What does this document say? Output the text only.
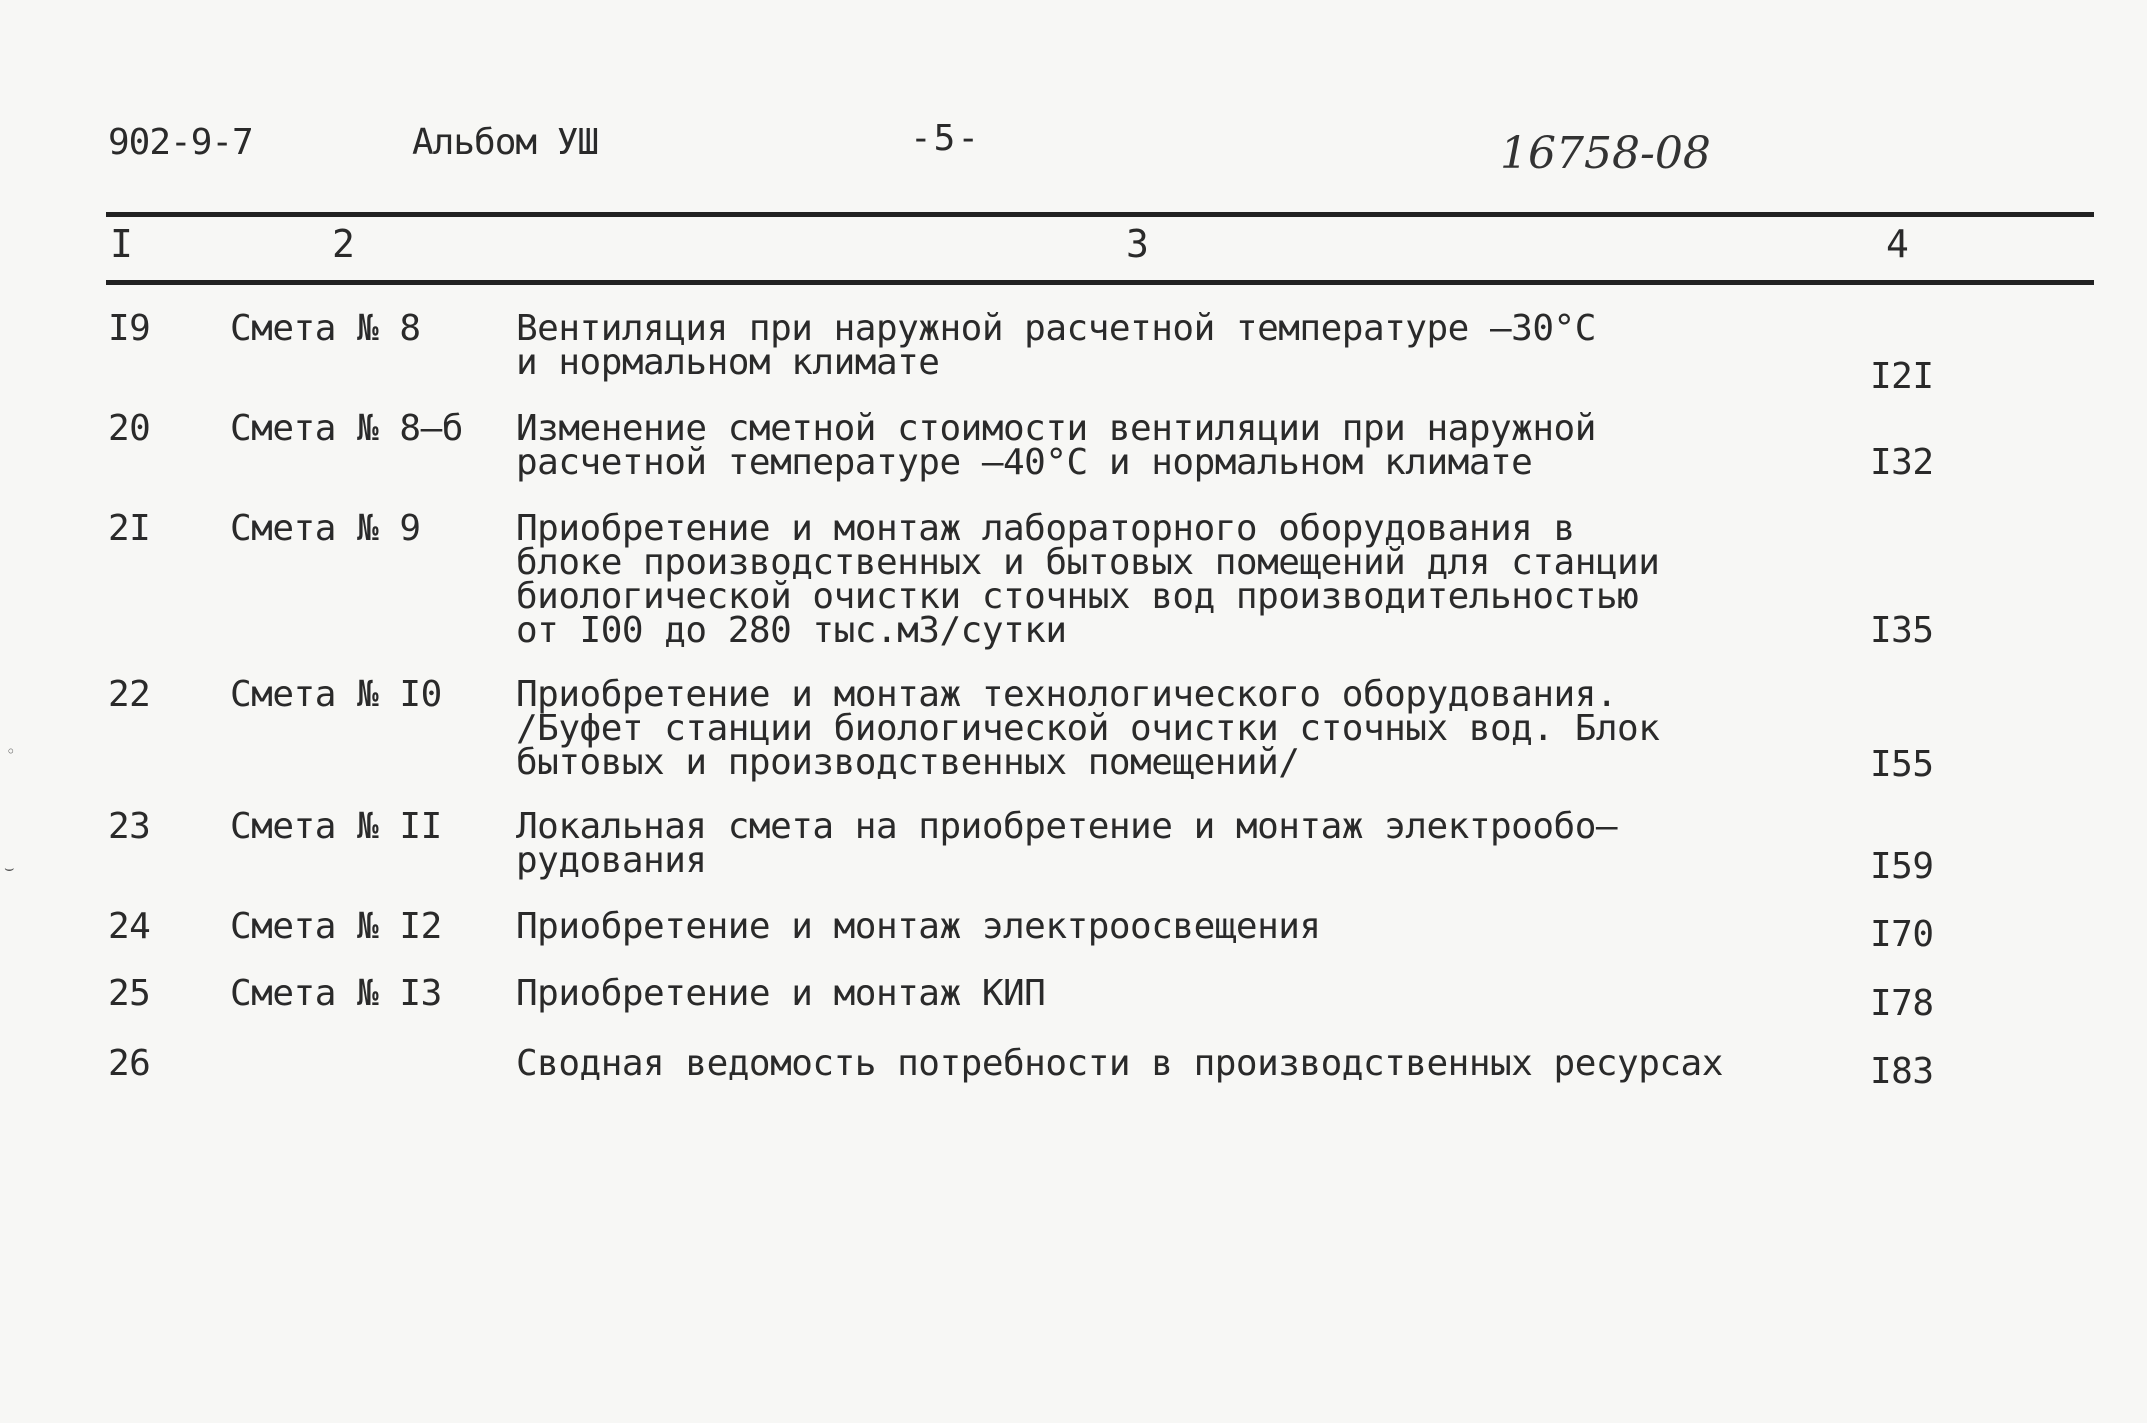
902-9-7	Альбом УШ	-5-	16758-08
I	2	3	4
I9 Смета № 8	Вентиляция при наружной расчетной температуре –30°С
и нормальном климате	I2I
20 Смета № 8–б Изменение сметной стоимости вентиляции при наружной
расчетной температуре –40°С и нормальном климате	I32
2I Смета № 9	Приобретение и монтаж лабораторного оборудования в
блоке производственных и бытовых помещений для станции
биологической очистки сточных вод производительностью
от I00 до 280 тыс.м3/сутки	I35
22 Смета № I0 Приобретение и монтаж технологического оборудования.
/Буфет станции биологической очистки сточных вод. Блок
бытовых и производственных помещений/	I55
23 Смета № II Локальная смета на приобретение и монтаж электрообо–
рудования	I59
24 Смета № I2 Приобретение и монтаж электроосвещения	I70
25 Смета № I3 Приобретение и монтаж КИП	I78
26	Сводная ведомость потребности в производственных ресурсах	I83
◦
⌣
